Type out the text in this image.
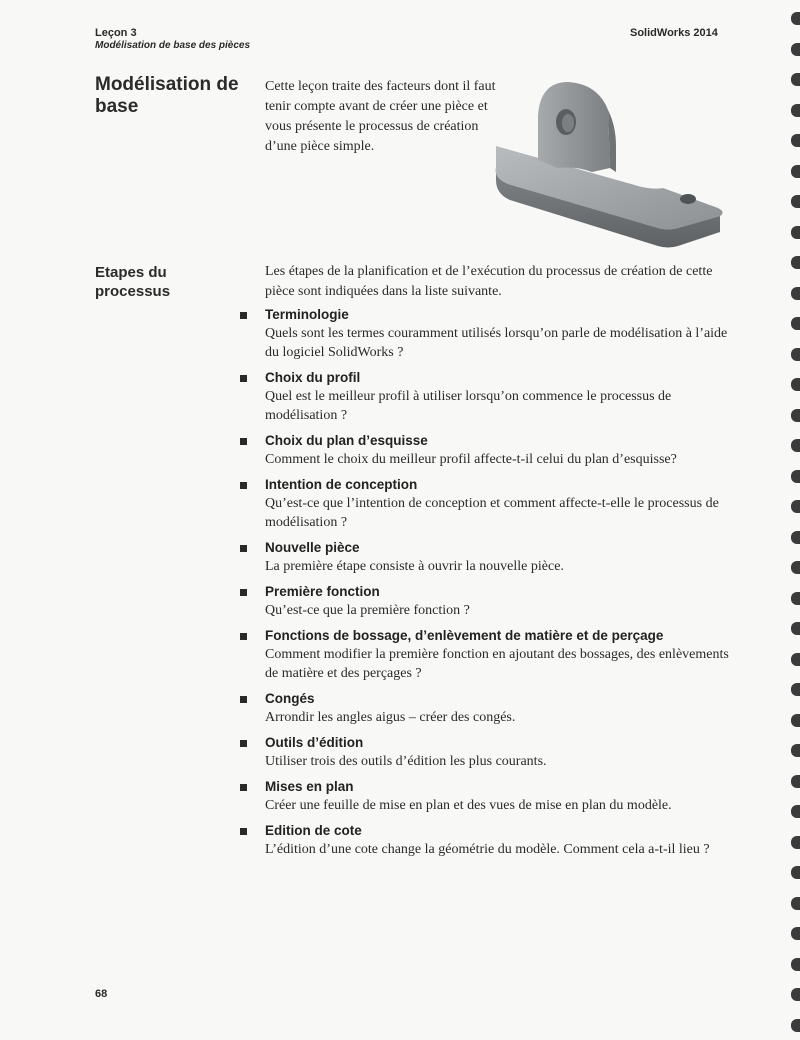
Leçon 3
Modélisation de base des pièces
SolidWorks 2014
Modélisation de base
Cette leçon traite des facteurs dont il faut tenir compte avant de créer une pièce et vous présente le processus de création d’une pièce simple.
Etapes du processus
Les étapes de la planification et de l’exécution du processus de création de cette pièce sont indiquées dans la liste suivante.
Terminologie
Quels sont les termes couramment utilisés lorsqu’on parle de modélisation à l’aide du logiciel SolidWorks ?
Choix du profil
Quel est le meilleur profil à utiliser lorsqu’on commence le processus de modélisation ?
Choix du plan d’esquisse
Comment le choix du meilleur profil affecte-t-il celui du plan d’esquisse?
Intention de conception
Qu’est-ce que l’intention de conception et comment affecte-t-elle le processus de modélisation ?
Nouvelle pièce
La première étape consiste à ouvrir la nouvelle pièce.
Première fonction
Qu’est-ce que la première fonction ?
Fonctions de bossage, d’enlèvement de matière et de perçage
Comment modifier la première fonction en ajoutant des bossages, des enlèvements de matière et des perçages ?
Congés
Arrondir les angles aigus – créer des congés.
Outils d’édition
Utiliser trois des outils d’édition les plus courants.
Mises en plan
Créer une feuille de mise en plan et des vues de mise en plan du modèle.
Edition de cote
L’édition d’une cote change la géométrie du modèle. Comment cela a-t-il lieu ?
68
